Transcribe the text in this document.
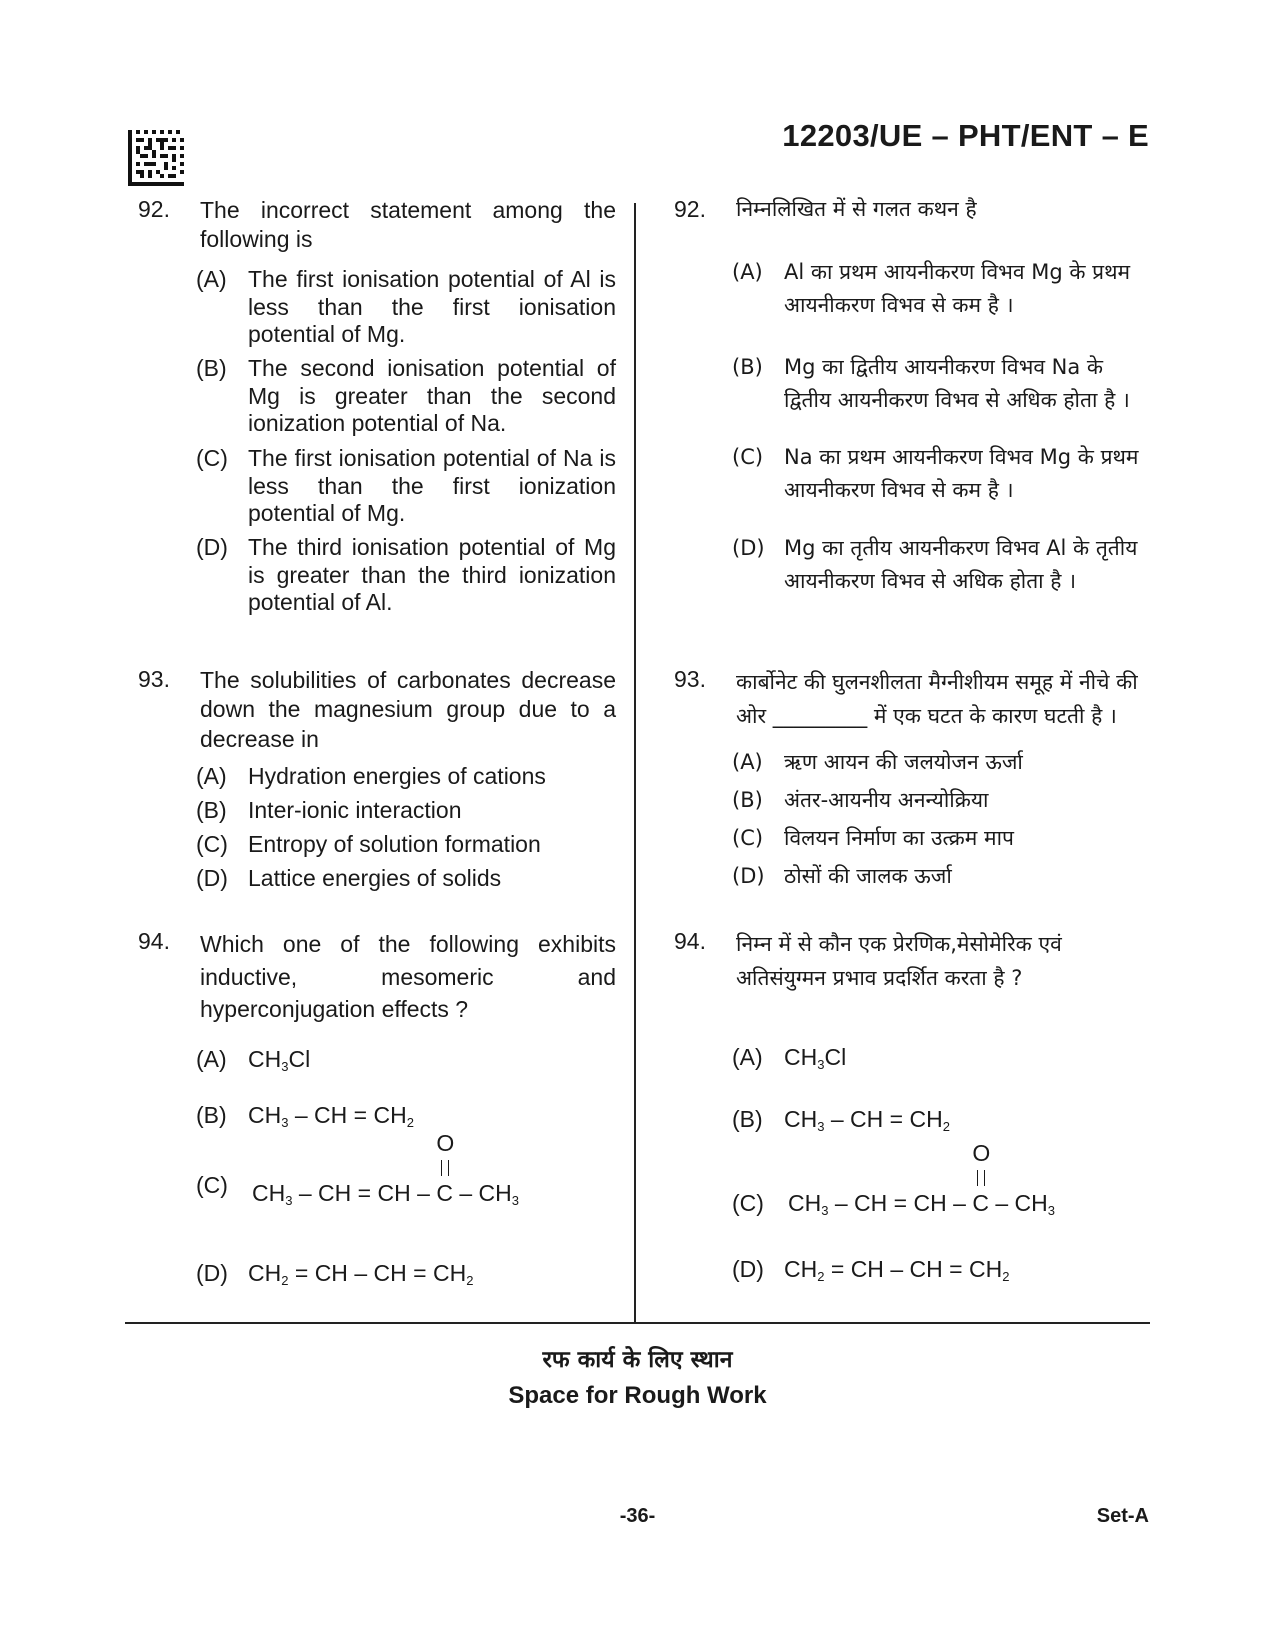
12203/UE – PHT/ENT – E
92. The incorrect statement among the following is
(A) The first ionisation potential of Al is less than the first ionisation potential of Mg.
(B) The second ionisation potential of Mg is greater than the second ionization potential of Na.
(C) The first ionisation potential of Na is less than the first ionization potential of Mg.
(D) The third ionisation potential of Mg is greater than the third ionization potential of Al.
93. The solubilities of carbonates decrease down the magnesium group due to a decrease in
(A) Hydration energies of cations
(B) Inter-ionic interaction
(C) Entropy of solution formation
(D) Lattice energies of solids
94. Which one of the following exhibits inductive, mesomeric and hyperconjugation effects ?
(A) $CH_3Cl$
(B) $CH_3$ – CH = $CH_2$
(C) $CH_3$ – CH = CH –
O
C – $CH_3$
(D) $CH_2$ = CH – CH = $CH_2$
92. निम्नलिखित में से गलत कथन है
(A) Al का प्रथम आयनीकरण विभव Mg के प्रथम आयनीकरण विभव से कम है ।
(B) Mg का द्वितीय आयनीकरण विभव Na के द्वितीय आयनीकरण विभव से अधिक होता है ।
(C) Na का प्रथम आयनीकरण विभव Mg के प्रथम आयनीकरण विभव से कम है ।
(D) Mg का तृतीय आयनीकरण विभव Al के तृतीय आयनीकरण विभव से अधिक होता है ।
93. कार्बोनेट की घुलनशीलता मैग्नीशीयम समूह में नीचे की ओर _________ में एक घटत के कारण घटती है ।
(A) ऋण आयन की जलयोजन ऊर्जा
(B) अंतर-आयनीय अनन्योक्रिया
(C) विलयन निर्माण का उत्क्रम माप
(D) ठोसों की जालक ऊर्जा
94. निम्न में से कौन एक प्रेरणिक,मेसोमेरिक एवं अतिसंयुग्मन प्रभाव प्रदर्शित करता है ?
(A) $CH_3Cl$
(B) $CH_3$ – CH = $CH_2$
(C) $CH_3$ – CH = CH –
O
C – $CH_3$
(D) $CH_2$ = CH – CH = $CH_2$
रफ कार्य के लिए स्थान
Space for Rough Work
-36-	Set-A
